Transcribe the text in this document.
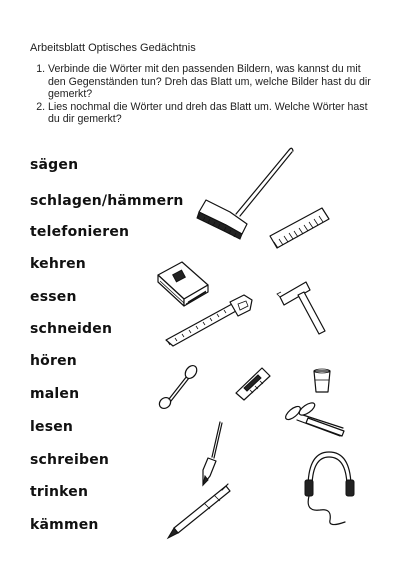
Arbeitsblatt Optisches Gedächtnis
1. Verbinde die Wörter mit den passenden Bildern, was kannst du mit den Gegenständen tun? Dreh das Blatt um, welche Bilder hast du dir gemerkt?
2. Lies nochmal die Wörter und dreh das Blatt um. Welche Wörter hast du dir gemerkt?
sägen
schlagen/hämmern
telefonieren
kehren
essen
schneiden
hören
malen
lesen
schreiben
trinken
kämmen
